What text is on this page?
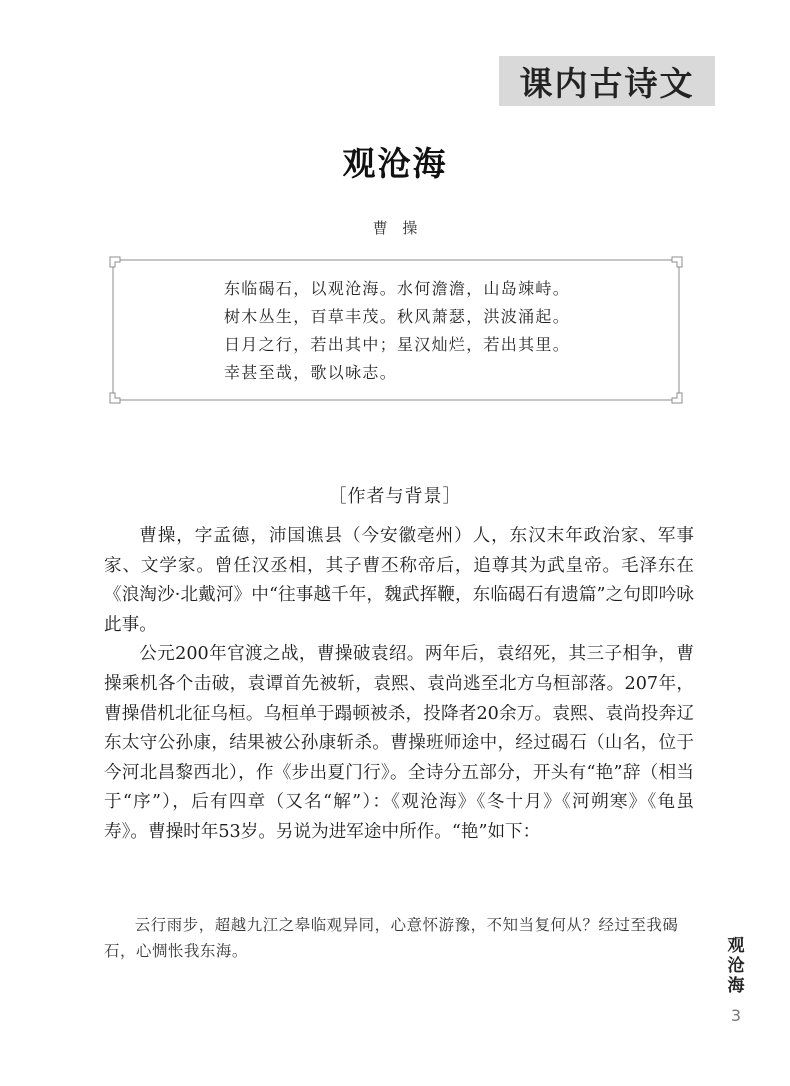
课内古诗文
观沧海
曹 操
东临碣石，以观沧海。水何澹澹，山岛竦峙。
树木丛生，百草丰茂。秋风萧瑟，洪波涌起。
日月之行，若出其中；星汉灿烂，若出其里。
幸甚至哉，歌以咏志。
［作者与背景］

曹操，字孟德，沛国谯县（今安徽亳州）人，东汉末年政治家、军事家、文学家。曾任汉丞相，其子曹丕称帝后，追尊其为武皇帝。毛泽东在《浪淘沙·北戴河》中“往事越千年，魏武挥鞭，东临碣石有遗篇”之句即吟咏此事。

公元200年官渡之战，曹操破袁绍。两年后，袁绍死，其三子相争，曹操乘机各个击破，袁谭首先被斩，袁熙、袁尚逃至北方乌桓部落。207年，曹操借机北征乌桓。乌桓单于蹋顿被杀，投降者20余万。袁熙、袁尚投奔辽东太守公孙康，结果被公孙康斩杀。曹操班师途中，经过碣石（山名，位于今河北昌黎西北），作《步出夏门行》。全诗分五部分，开头有“艳”辞（相当于“序”），后有四章（又名“解”）：《观沧海》《冬十月》《河朔寒》《龟虽寿》。曹操时年53岁。另说为进军途中所作。“艳”如下：

云行雨步，超越九江之皋临观异同，心意怀游豫，不知当复何从？经过至我碣石，心惆怅我东海。	观沧海
3
